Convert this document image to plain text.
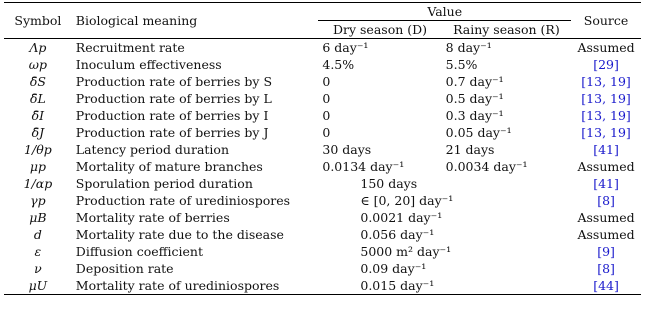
Symbol	Biological meaning	Value		Source
		Dry season (D)	Rainy season (R)	
Λp	Recruitment rate	6 day⁻¹	8 day⁻¹	Assumed
ωp	Inoculum effectiveness	4.5%	5.5%	[29]
δ̄S	Production rate of berries by S	0	0.7 day⁻¹	[13, 19]
δ̄L	Production rate of berries by L	0	0.5 day⁻¹	[13, 19]
δ̄I	Production rate of berries by I	0	0.3 day⁻¹	[13, 19]
δ̄J	Production rate of berries by J	0	0.05 day⁻¹	[13, 19]
1/θp	Latency period duration	30 days	21 days	[41]
μp	Mortality of mature branches	0.0134 day⁻¹	0.0034 day⁻¹	Assumed
1/αp	Sporulation period duration	150 days		[41]
γp	Production rate of urediniospores	∈ [0, 20] day⁻¹		[8]
μB	Mortality rate of berries	0.0021 day⁻¹		Assumed
d	Mortality rate due to the disease	0.056 day⁻¹		Assumed
ε	Diffusion coefficient	5000 m² day⁻¹		[9]
ν	Deposition rate	0.09 day⁻¹		[8]
μU	Mortality rate of urediniospores	0.015 day⁻¹		[44]
